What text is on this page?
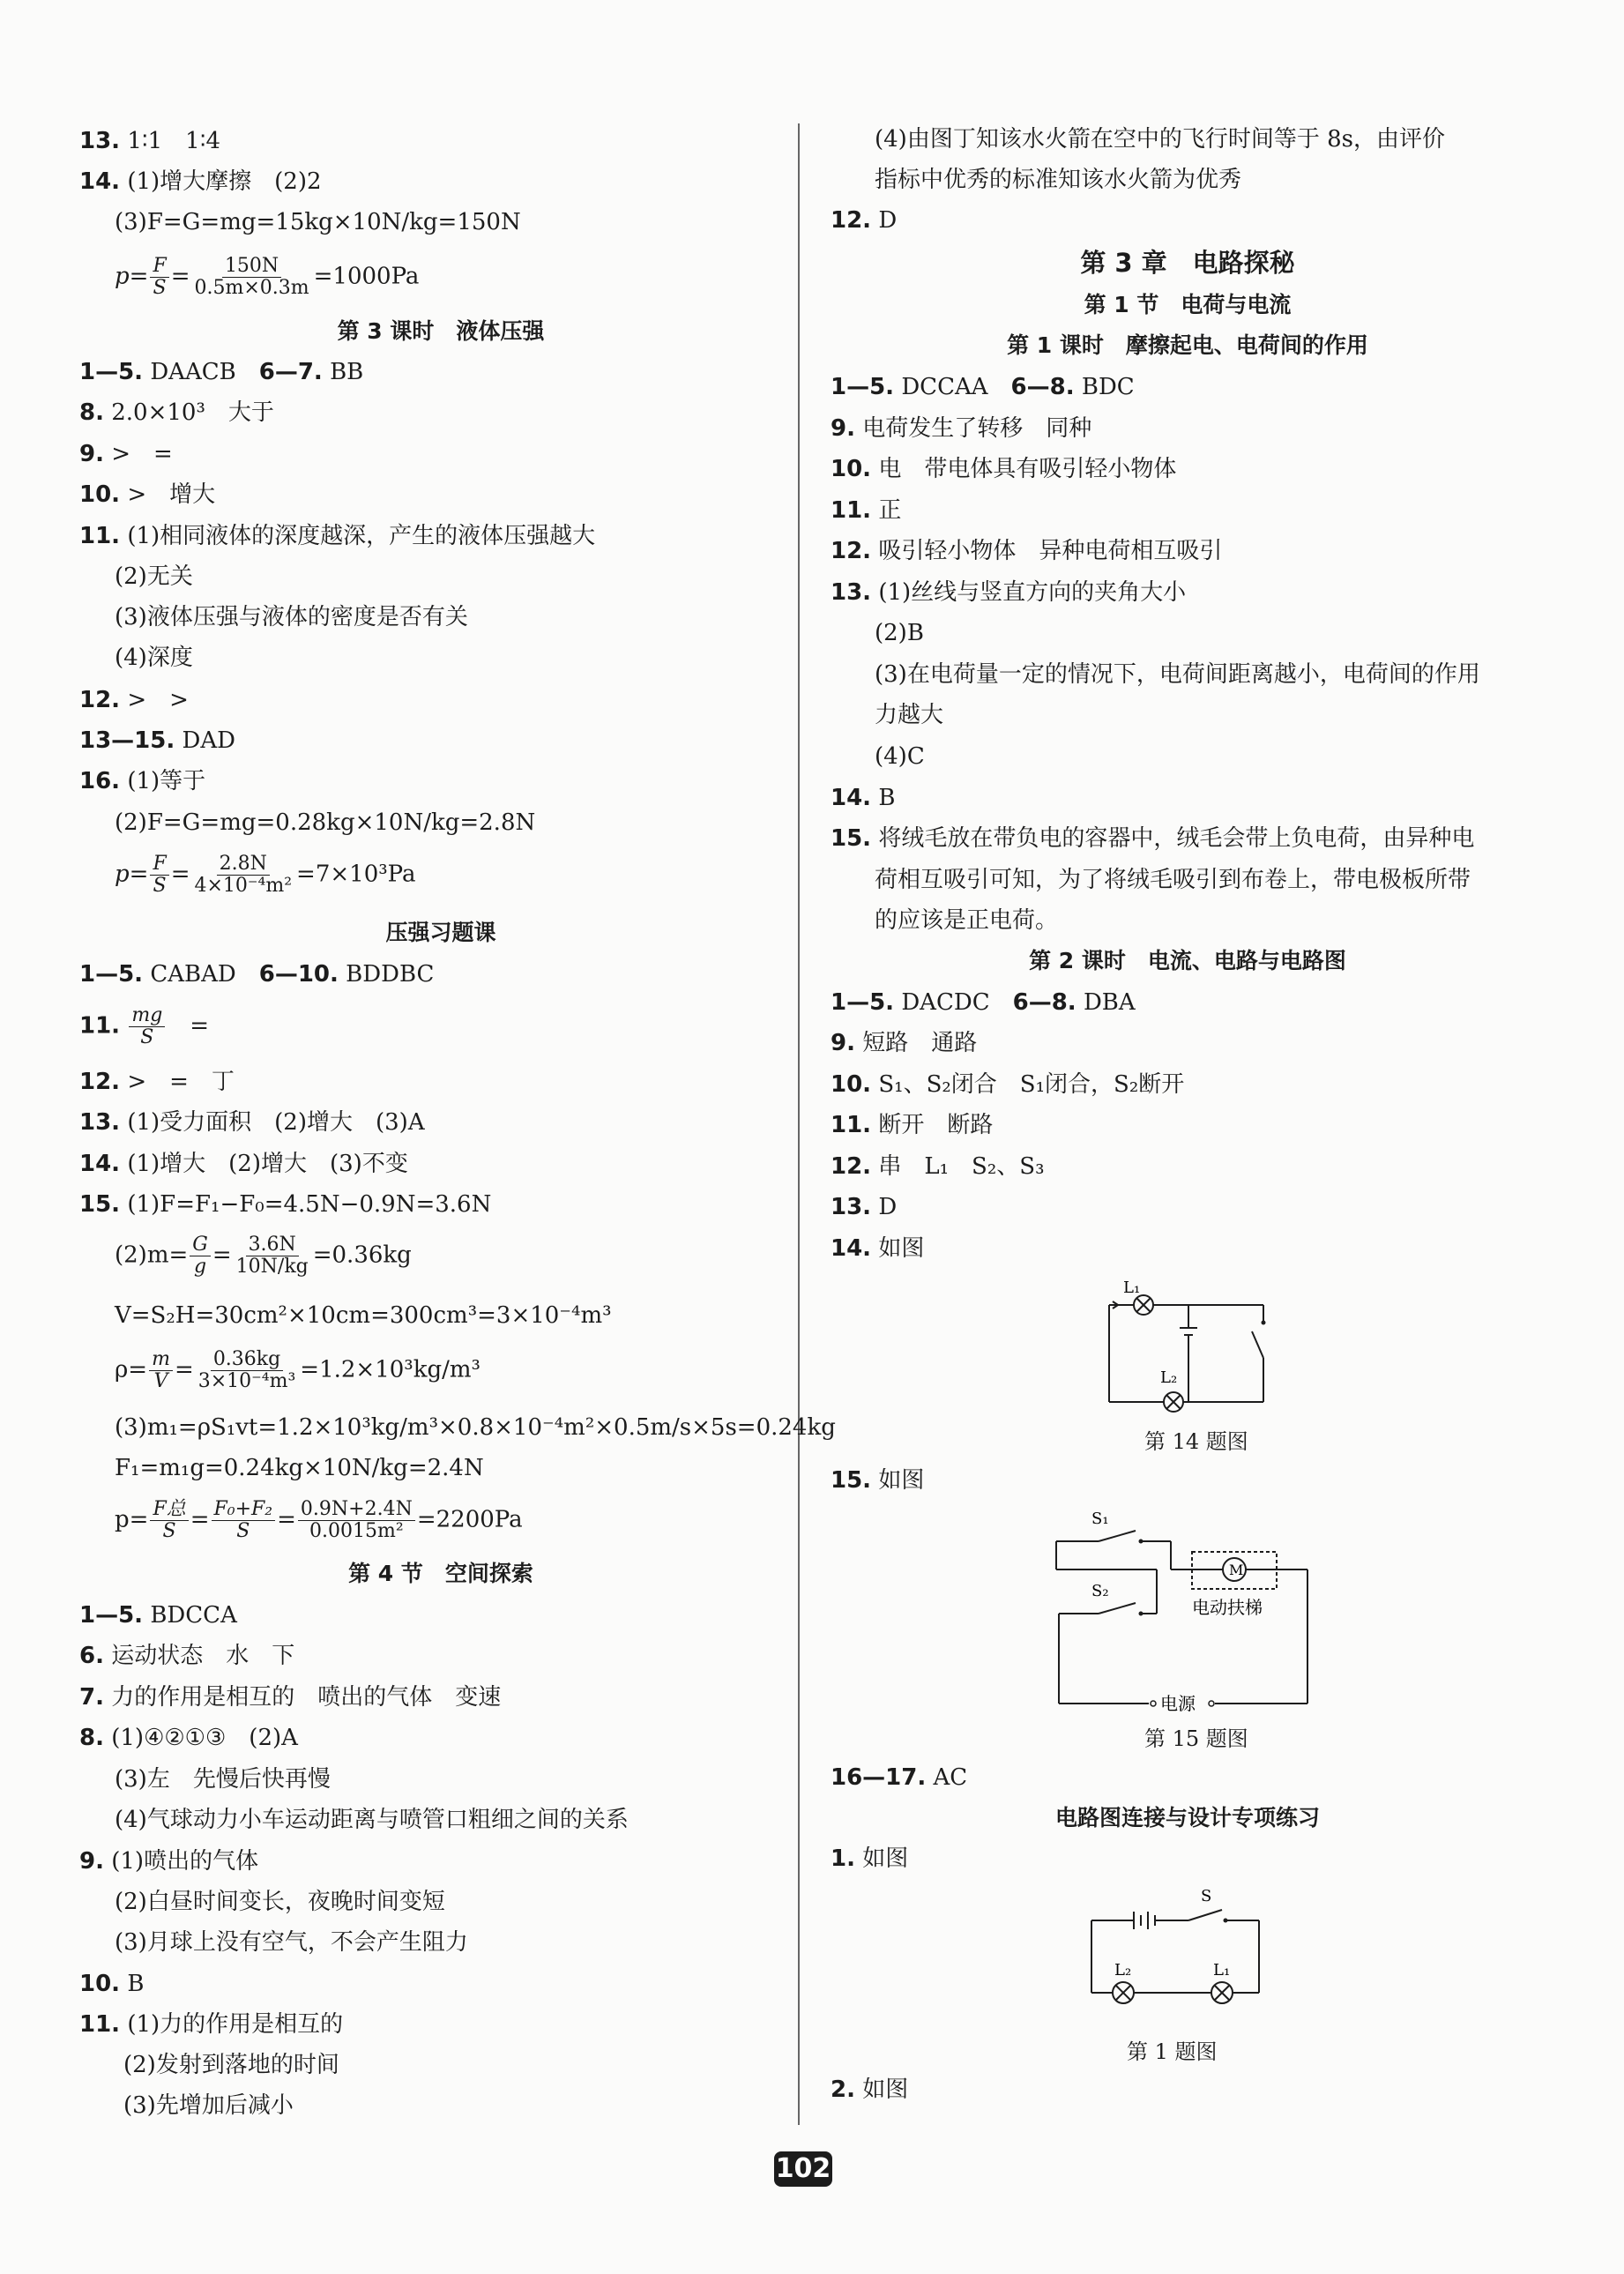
13. 1∶1　1∶4
14. (1)增大摩擦　(2)2
(3)F=G=mg=15kg×10N/kg=150N
$p= \frac{F}{S} = \frac{150N}{0.5m\times 0.3m} =1000Pa$
第 3 课时　液体压强
1—5. DAACB　 6—7. BB
8. 2.0×10³　大于
9. >　=
10. >　增大
11. (1)相同液体的深度越深，产生的液体压强越大
(2)无关
(3)液体压强与液体的密度是否有关
(4)深度
12. >　>
13—15. DAD
16. (1)等于
(2)F=G=mg=0.28kg×10N/kg=2.8N
$p= \frac{F}{S} = \frac{2.8N}{\text{4×10⁻⁴m²}} =7\times 10^3Pa$
压强习题课
1—5. CABAD　 6—10. BDDBC
11. $\frac{mg}{S}$
　 =
12. >　=　丁
13. (1)受力面积　(2)增大　(3)A
14. (1)增大　(2)增大　(3)不变
15. (1)F=F₁−F₀=4.5N−0.9N=3.6N
$(2)m= \frac{G}{g} = \frac{3.6N}{10N/kg} =0.36kg$
V=S₂H=30cm²×10cm=300cm³=3×10⁻⁴m³
$\rho= \frac{m}{V} = \frac{0.36kg}{\text{3×10⁻⁴m³}} =1.2\times 10^3kg/m^3$
(3)m₁=ρS₁vt=1.2×10³kg/m³×0.8×10⁻⁴m²×0.5m/s×5s=0.24kg
F₁=m₁g=0.24kg×10N/kg=2.4N
$p= \frac{\text{F总}}{S} = \frac{\text{F₀+F₂}}{S} = \frac{0.9N+2.4N}{\text{0.0015m²}} =2200Pa$
第 4 节　空间探索
1—5. BDCCA
6. 运动状态　水　下
7. 力的作用是相互的　喷出的气体　变速
8. (1)④②①③　(2)A
(3)左　先慢后快再慢
(4)气球动力小车运动距离与喷管口粗细之间的关系
9. (1)喷出的气体
(2)白昼时间变长，夜晚时间变短
(3)月球上没有空气，不会产生阻力
10. B
11. (1)力的作用是相互的
(2)发射到落地的时间
(3)先增加后减小
(4)由图丁知该水火箭在空中的飞行时间等于 8s，由评价
指标中优秀的标准知该水火箭为优秀
12. D
第 3 章　电路探秘
第 1 节　电荷与电流
第 1 课时　摩擦起电、电荷间的作用
1—5. DCCAA　 6—8. BDC
9. 电荷发生了转移　同种
10. 电　带电体具有吸引轻小物体
11. 正
12. 吸引轻小物体　异种电荷相互吸引
13. (1)丝线与竖直方向的夹角大小
(2)B
(3)在电荷量一定的情况下，电荷间距离越小，电荷间的作用
力越大
(4)C
14. B
15. 将绒毛放在带负电的容器中，绒毛会带上负电荷，由异种电
荷相互吸引可知，为了将绒毛吸引到布卷上，带电极板所带
的应该是正电荷。
第 2 课时　电流、电路与电路图
1—5. DACDC　 6—8. DBA
9. 短路　通路
10. S₁、S₂闭合　S₁闭合，S₂断开
11. 断开　断路
12. 串　L₁　S₂、S₃
13. D
14. 如图
L₁
L₂
第 14 题图
15. 如图
S₁
S₂
M
电动扶梯
电源
第 15 题图
16—17. AC
电路图连接与设计专项练习
1. 如图
S
L₂	L₁
第 1 题图
2. 如图
102
